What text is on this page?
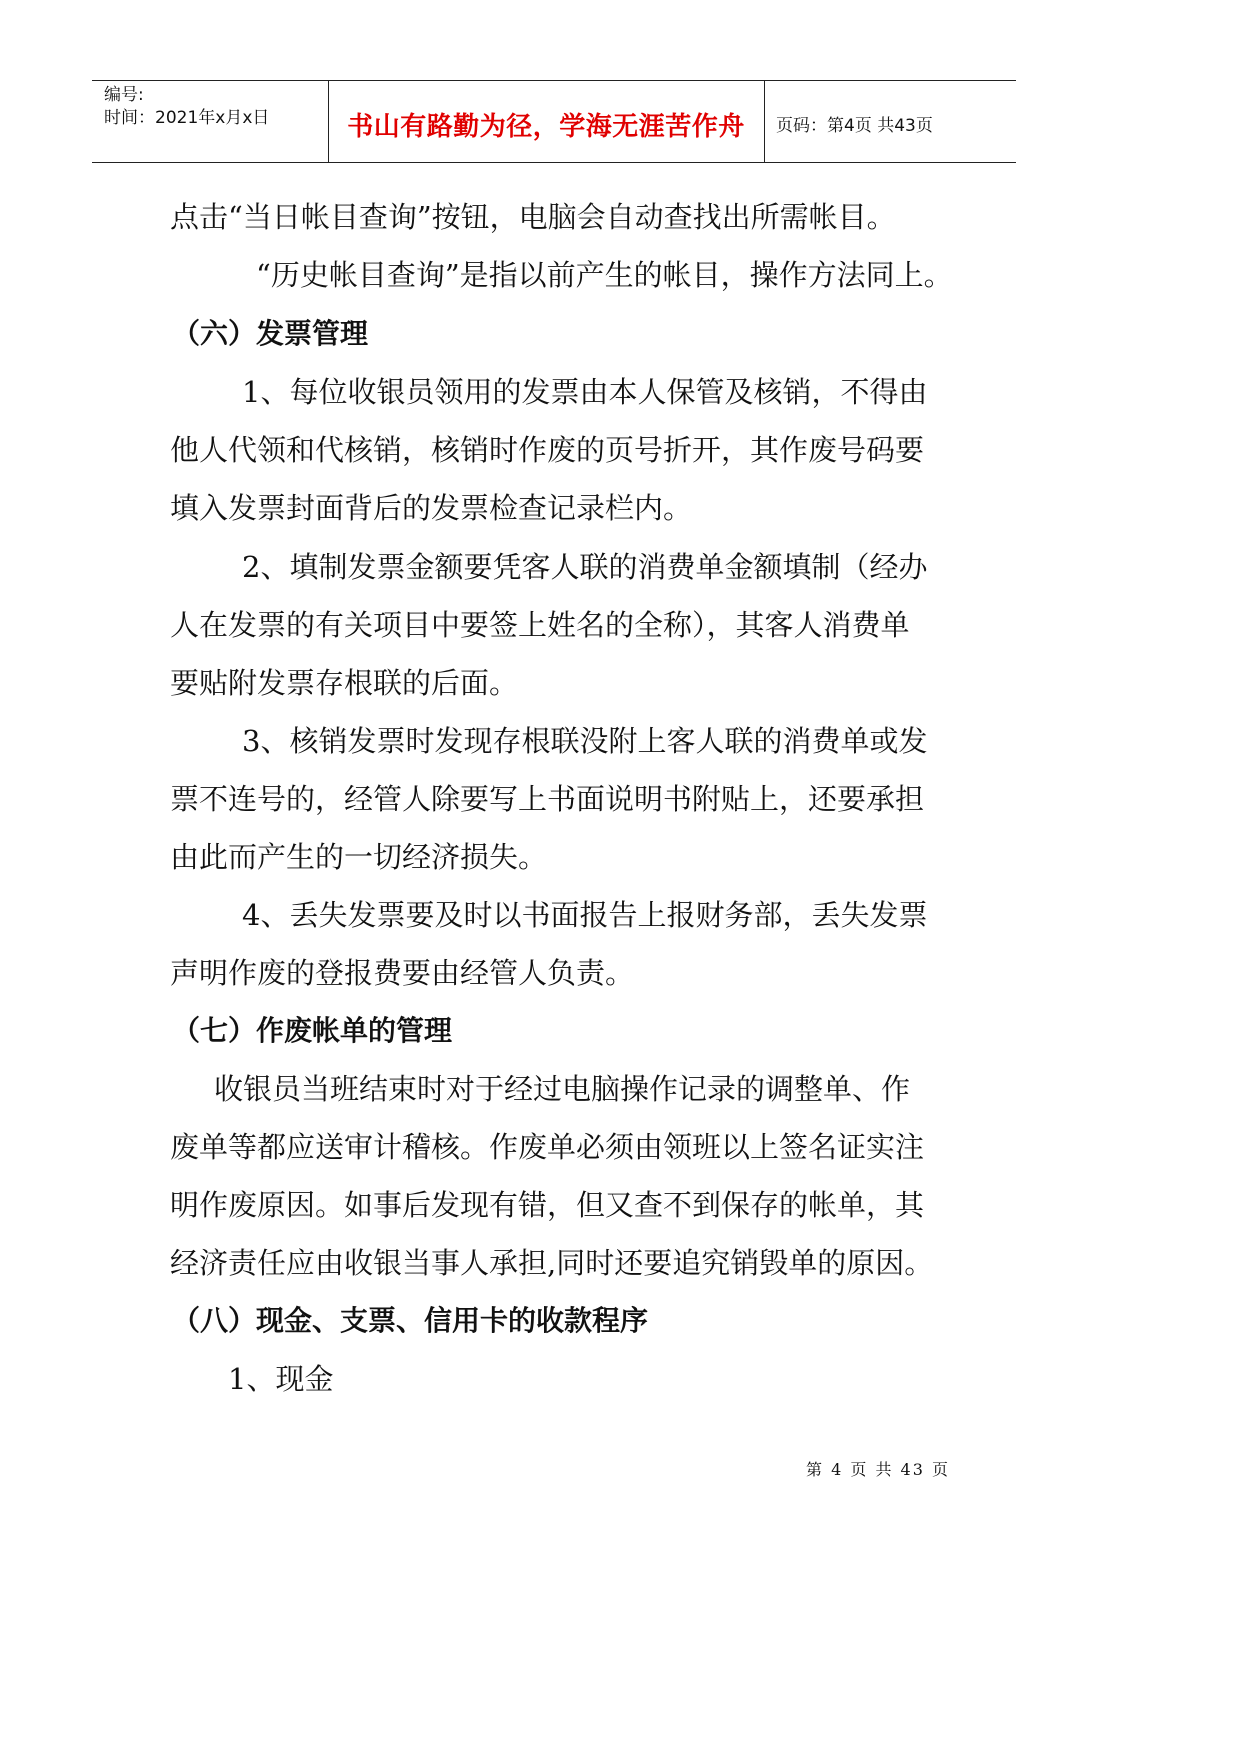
编号:
时间：2021年x月x日	书山有路勤为径，学海无涯苦作舟	页码：第4页 共43页
点击“当日帐目查询”按钮，电脑会自动查找出所需帐目。
“历史帐目查询”是指以前产生的帐目，操作方法同上。
（六）发票管理
1、每位收银员领用的发票由本人保管及核销，不得由
他人代领和代核销，核销时作废的页号折开，其作废号码要
填入发票封面背后的发票检查记录栏内。
2、填制发票金额要凭客人联的消费单金额填制（经办
人在发票的有关项目中要签上姓名的全称），其客人消费单
要贴附发票存根联的后面。
3、核销发票时发现存根联没附上客人联的消费单或发
票不连号的，经管人除要写上书面说明书附贴上，还要承担
由此而产生的一切经济损失。
4、丢失发票要及时以书面报告上报财务部，丢失发票
声明作废的登报费要由经管人负责。
（七）作废帐单的管理
收银员当班结束时对于经过电脑操作记录的调整单、作
废单等都应送审计稽核。作废单必须由领班以上签名证实注
明作废原因。如事后发现有错，但又查不到保存的帐单，其
经济责任应由收银当事人承担,同时还要追究销毁单的原因。
（八）现金、支票、信用卡的收款程序
1、现金
第 4 页 共 43 页
